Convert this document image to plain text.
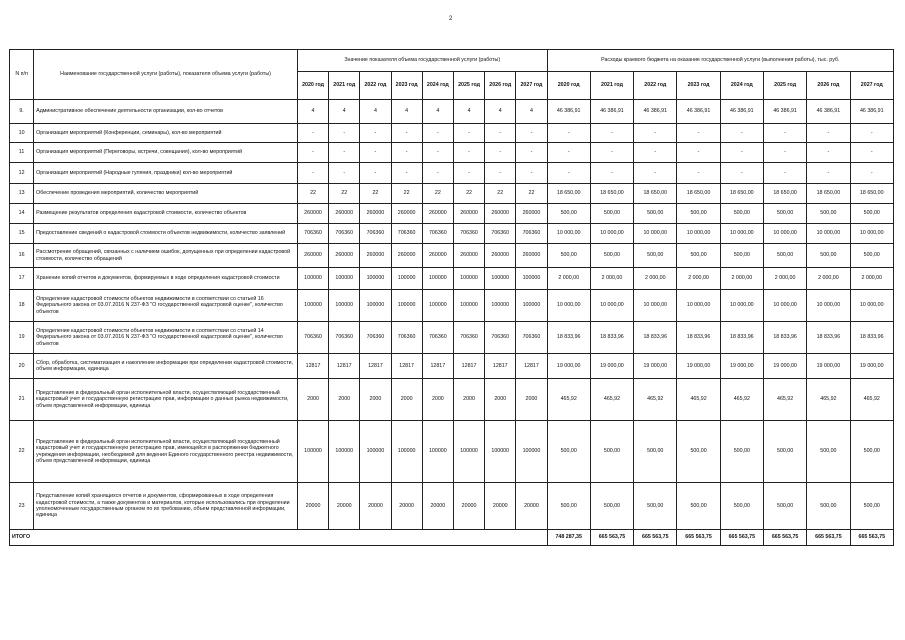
2
N п/п	Наименование государственной услуги (работы), показателя объема услуги (работы)	Значение показателя объема государственной услуги (работы)								Расходы краевого бюджета на оказание государственной услуги (выполнения работы), тыс. руб.							
		2020 год	2021 год	2022 год	2023 год	2024 год	2025 год	2026 год	2027 год	2020 год	2021 год	2022 год	2023 год	2024 год	2025 год	2026 год	2027 год
9.	Административное обеспечение деятельности организации, кол-во отчетов	4	4	4	4	4	4	4	4	46 386,91	46 386,91	46 386,91	46 386,91	46 386,91	46 386,91	46 386,91	46 386,91
10	Организация мероприятий (Конференции, семинары), кол-во мероприятий	-	-	-	-	-	-	-	-	-	-	-	-	-	-	-	-
11	Организация мероприятий (Переговоры, встречи, совещания), кол-во мероприятий	-	-	-	-	-	-	-	-	-	-	-	-	-	-	-	-
12	Организация мероприятий (Народные гуляния, праздники) кол-во мероприятий	-	-	-	-	-	-	-	-	-	-	-	-	-	-	-	-
13	Обеспечение проведения мероприятий, количество мероприятий	22	22	22	22	22	22	22	22	18 650,00	18 650,00	18 650,00	18 650,00	18 650,00	18 650,00	18 650,00	18 650,00
14	Размещение результатов определения кадастровой стоимости, количество объектов	260000	260000	260000	260000	260000	260000	260000	260000	500,00	500,00	500,00	500,00	500,00	500,00	500,00	500,00
15	Предоставление сведений о кадастровой стоимости объектов недвижимости, количество заявлений	706360	706360	706360	706360	706360	706360	706360	706360	10 000,00	10 000,00	10 000,00	10 000,00	10 000,00	10 000,00	10 000,00	10 000,00
16	Рассмотрение обращений, связанных с наличием ошибок, допущенных при определении кадастровой стоимости, количество обращений	260000	260000	260000	260000	260000	260000	260000	260000	500,00	500,00	500,00	500,00	500,00	500,00	500,00	500,00
17	Хранение копий отчетов и документов, формируемых в ходе определения кадастровой стоимости	100000	100000	100000	100000	100000	100000	100000	100000	2 000,00	2 000,00	2 000,00	2 000,00	2 000,00	2 000,00	2 000,00	2 000,00
18	Определение кадастровой стоимости объектов недвижимости в соответствии со статьей 16 Федерального закона от 03.07.2016 N 237-ФЗ "О государственной кадастровой оценке", количество объектов	100000	100000	100000	100000	100000	100000	100000	100000	10 000,00	10 000,00	10 000,00	10 000,00	10 000,00	10 000,00	10 000,00	10 000,00
19	Определение кадастровой стоимости объектов недвижимости в соответствии со статьей 14 Федерального закона от 03.07.2016 N 237-ФЗ "О государственной кадастровой оценке", количество объектов	706360	706360	706360	706360	706360	706360	706360	706360	18 833,96	18 833,96	18 833,96	18 833,96	18 833,96	18 833,96	18 833,96	18 833,96
20	Сбор, обработка, систематизация и накопление информации при определении кадастровой стоимости, объем информации, единица	12817	12817	12817	12817	12817	12817	12817	12817	19 000,00	19 000,00	19 000,00	19 000,00	19 000,00	19 000,00	19 000,00	19 000,00
21	Представление в федеральный орган исполнительной власти, осуществляющий государственный кадастровый учет и государственную регистрацию прав, информации о данных рынка недвижимости, объем представленной информации, единица	2000	2000	2000	2000	2000	2000	2000	2000	465,92	465,92	465,92	465,92	465,92	465,92	465,92	465,92
22	Представление в федеральный орган исполнительной власти, осуществляющий государственный кадастровый учет и государственную регистрацию прав, имеющейся в распоряжении бюджетного учреждения информации, необходимой для ведения Единого государственного реестра недвижимости, объем представленной информации, единица	100000	100000	100000	100000	100000	100000	100000	100000	500,00	500,00	500,00	500,00	500,00	500,00	500,00	500,00
23	Представление копий хранящихся отчетов и документов, сформированных в ходе определения кадастровой стоимости, а также документов и материалов, которые использовались при определении уполномоченным государственным органом по их требованию, объем представленной информации, единица	20000	20000	20000	20000	20000	20000	20000	20000	500,00	500,00	500,00	500,00	500,00	500,00	500,00	500,00
ИТОГО										748 287,35	665 563,75	665 563,75	665 563,75	665 563,75	665 563,75	665 563,75	665 563,75
